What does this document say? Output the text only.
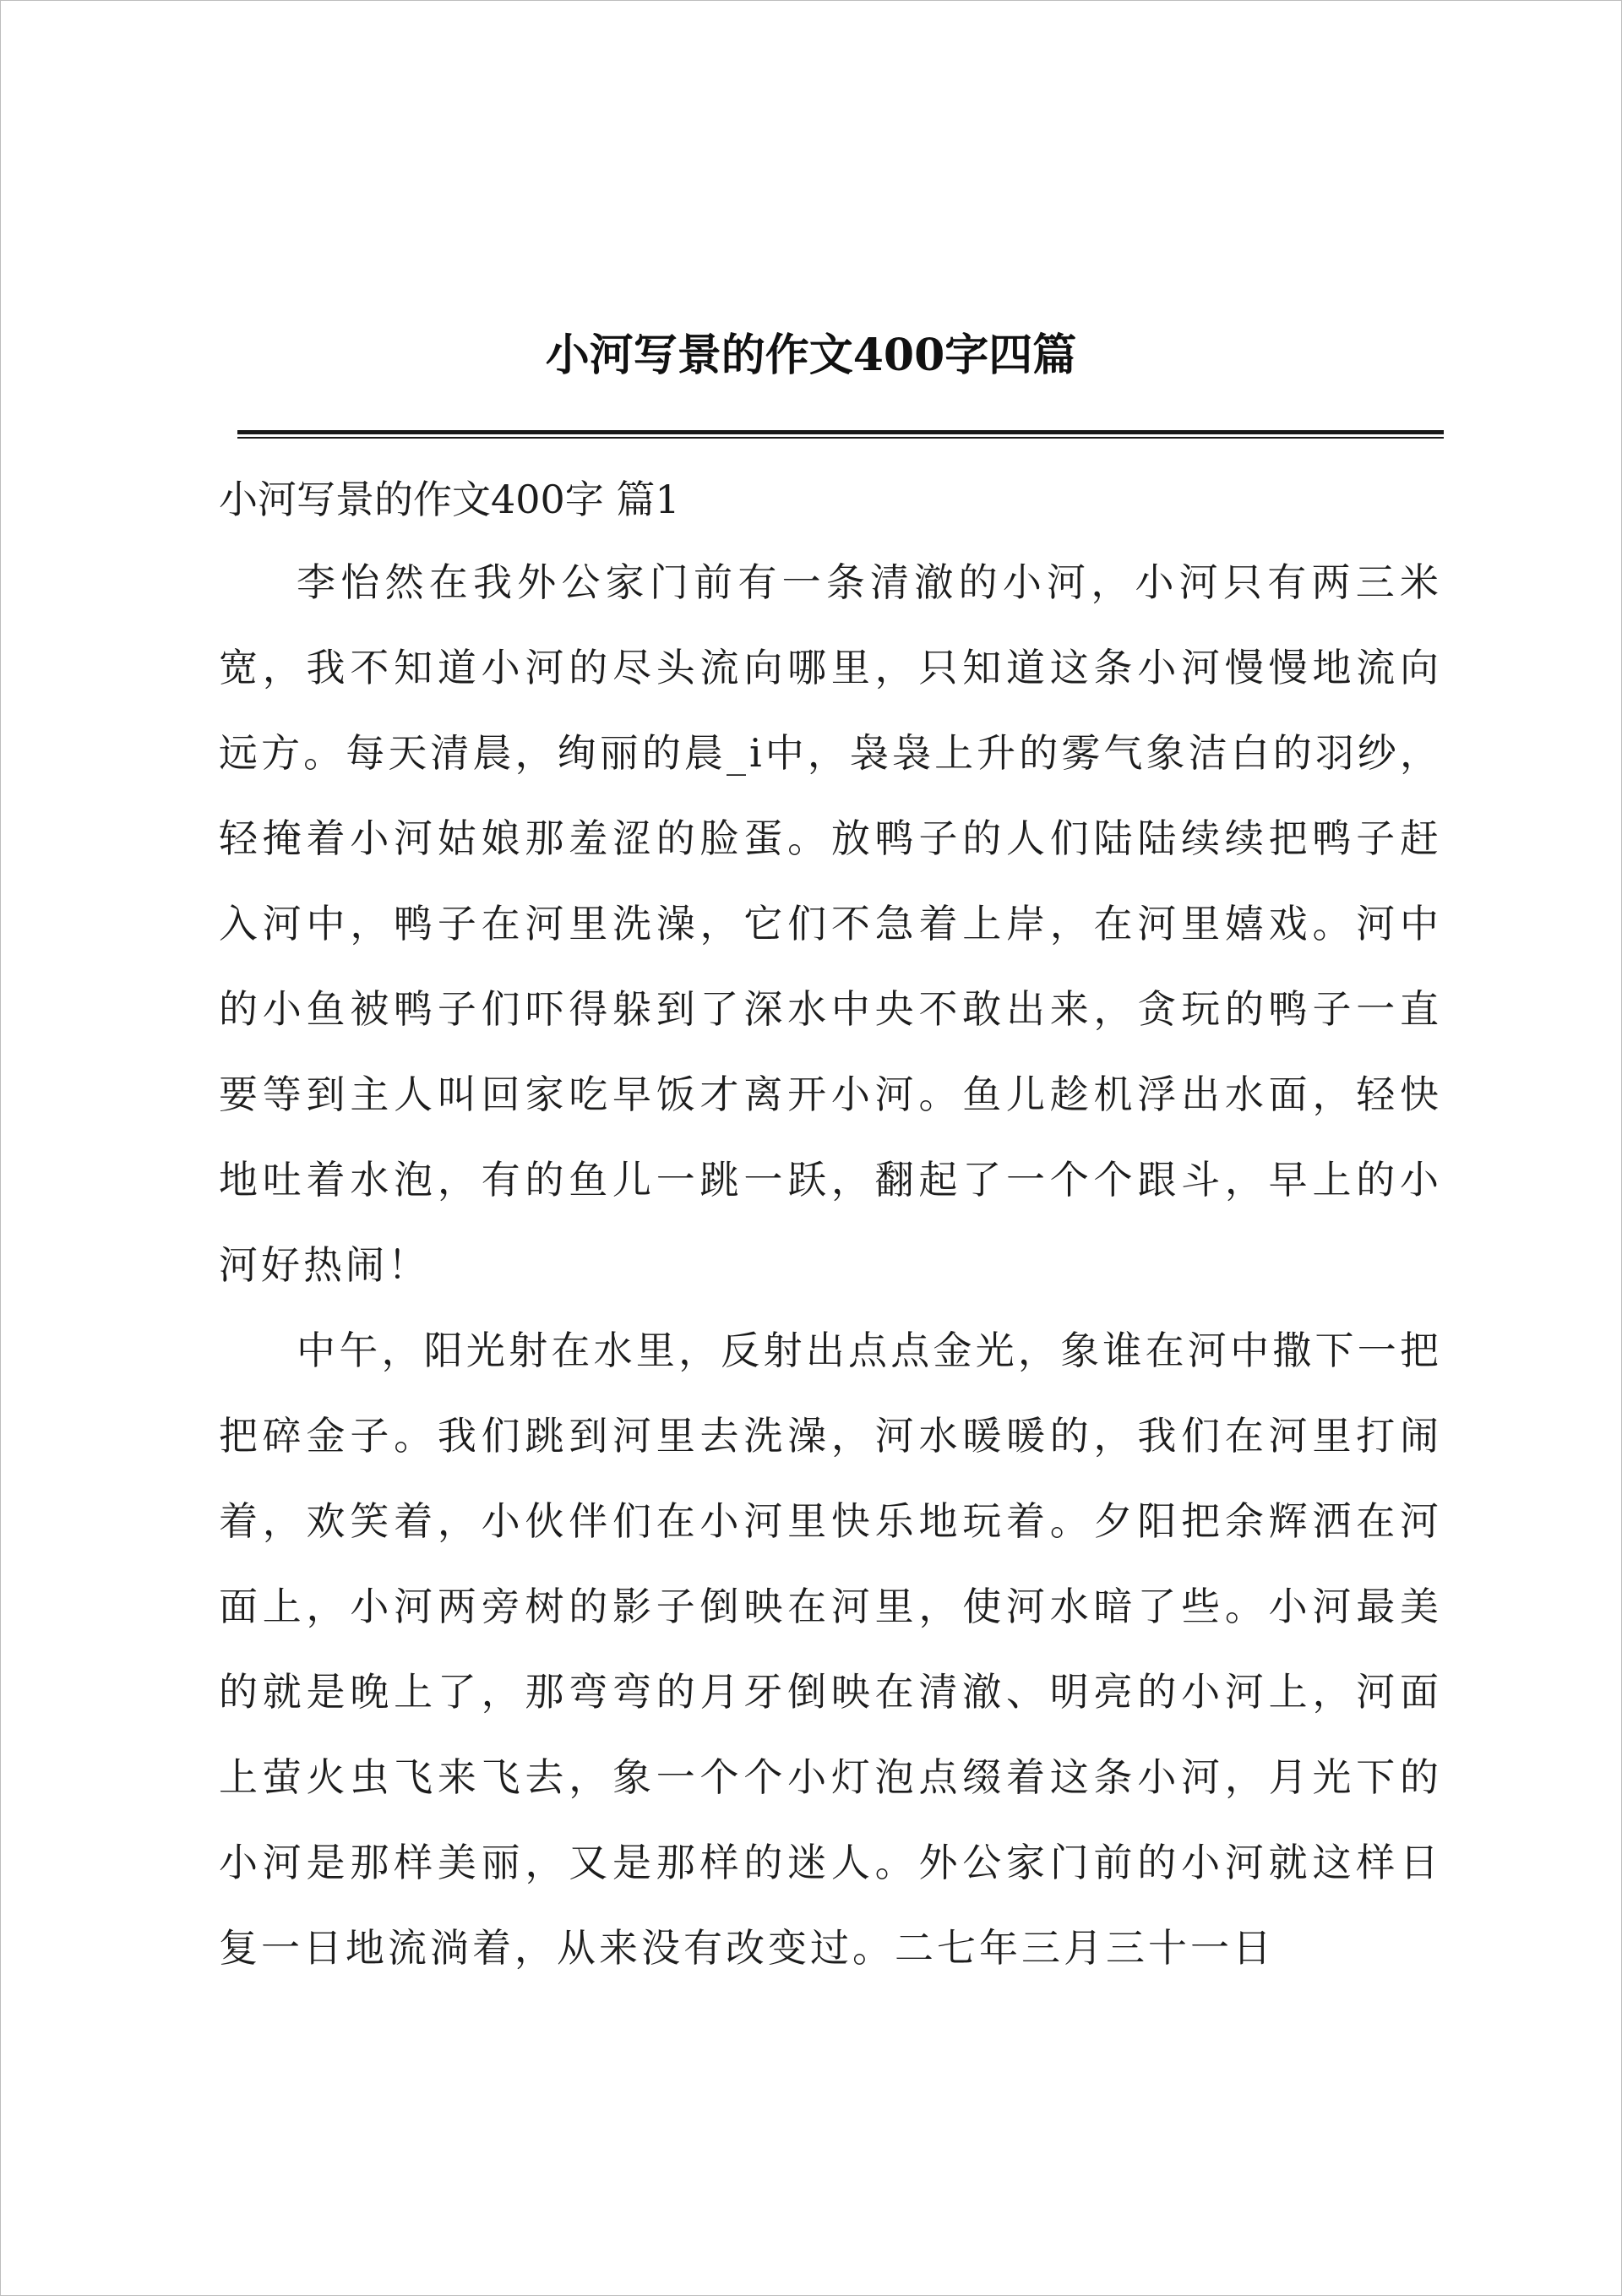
小河写景的作文400字四篇
小河写景的作文400字 篇1

李怡然在我外公家门前有一条清澈的小河，小河只有两三米宽，我不知道小河的尽头流向哪里，只知道这条小河慢慢地流向远方。每天清晨，绚丽的晨_i中，袅袅上升的雾气象洁白的羽纱，轻掩着小河姑娘那羞涩的脸蛋。放鸭子的人们陆陆续续把鸭子赶入河中，鸭子在河里洗澡，它们不急着上岸，在河里嬉戏。河中的小鱼被鸭子们吓得躲到了深水中央不敢出来，贪玩的鸭子一直要等到主人叫回家吃早饭才离开小河。鱼儿趁机浮出水面，轻快地吐着水泡，有的鱼儿一跳一跃，翻起了一个个跟斗，早上的小河好热闹！

中午，阳光射在水里，反射出点点金光，象谁在河中撒下一把把碎金子。我们跳到河里去洗澡，河水暖暖的，我们在河里打闹着，欢笑着，小伙伴们在小河里快乐地玩着。夕阳把余辉洒在河面上，小河两旁树的影子倒映在河里，使河水暗了些。小河最美的就是晚上了，那弯弯的月牙倒映在清澈、明亮的小河上，河面上萤火虫飞来飞去，象一个个小灯泡点缀着这条小河，月光下的小河是那样美丽，又是那样的迷人。外公家门前的小河就这样日复一日地流淌着，从来没有改变过。二七年三月三十一日
